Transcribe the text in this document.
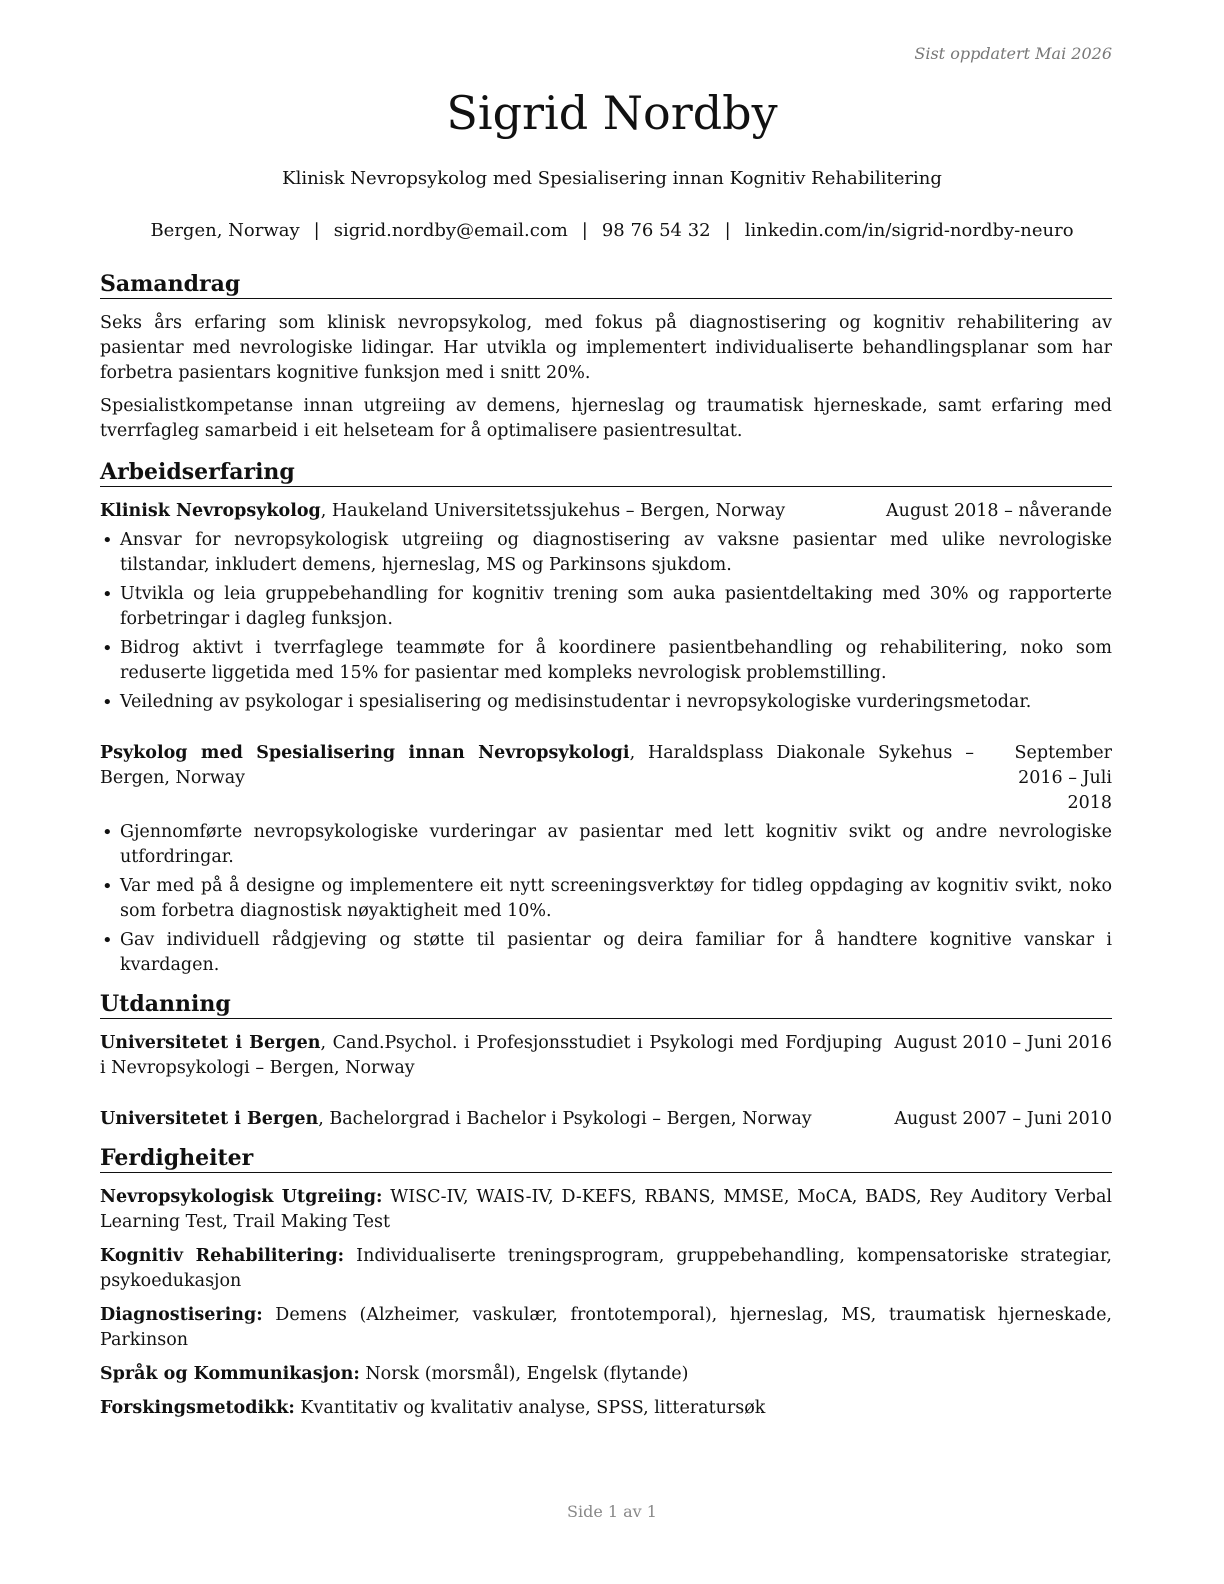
Sist oppdatert Mai 2026
Sigrid Nordby
Klinisk Nevropsykolog med Spesialisering innan Kognitiv Rehabilitering
Bergen, Norway | sigrid.nordby@email.com | 98 76 54 32 | linkedin.com/in/sigrid-nordby-neuro
Samandrag

Seks års erfaring som klinisk nevropsykolog, med fokus på diagnostisering og kognitiv rehabilitering av pasientar med nevrologiske lidingar. Har utvikla og implementert individualiserte behandlingsplanar som har forbetra pasientars kognitive funksjon med i snitt 20%.

Spesialistkompetanse innan utgreiing av demens, hjerneslag og traumatisk hjerneskade, samt erfaring med tverrfagleg samarbeid i eit helseteam for å optimalisere pasientresultat.

Arbeidserfaring
Klinisk Nevropsykolog, Haukeland Universitetssjukehus – Bergen, Norway	August 2018 – nåverande
• Ansvar for nevropsykologisk utgreiing og diagnostisering av vaksne pasientar med ulike nevrologiske tilstandar, inkludert demens, hjerneslag, MS og Parkinsons sjukdom.
• Utvikla og leia gruppebehandling for kognitiv trening som auka pasientdeltaking med 30% og rapporterte forbetringar i dagleg funksjon.
• Bidrog aktivt i tverrfaglege teammøte for å koordinere pasientbehandling og rehabilitering, noko som reduserte liggetida med 15% for pasientar med kompleks nevrologisk problemstilling.
• Veiledning av psykologar i spesialisering og medisinstudentar i nevropsykologiske vurderingsmetodar.
Psykolog med Spesialisering innan Nevropsykologi, Haraldsplass Diakonale Sykehus – Bergen, Norway
September 2016 – Juli 2018
• Gjennomførte nevropsykologiske vurderingar av pasientar med lett kognitiv svikt og andre nevrologiske utfordringar.
• Var med på å designe og implementere eit nytt screeningsverktøy for tidleg oppdaging av kognitiv svikt, noko som forbetra diagnostisk nøyaktigheit med 10%.
• Gav individuell rådgjeving og støtte til pasientar og deira familiar for å handtere kognitive vanskar i kvardagen.
Utdanning
Universitetet i Bergen, Cand.Psychol. i Profesjonsstudiet i Psykologi med Fordjuping i Nevropsykologi – Bergen, Norway
August 2010 – Juni 2016
Universitetet i Bergen, Bachelorgrad i Bachelor i Psykologi – Bergen, Norway	August 2007 – Juni 2010
Ferdigheiter

Nevropsykologisk Utgreiing: WISC-IV, WAIS-IV, D-KEFS, RBANS, MMSE, MoCA, BADS, Rey Auditory Verbal Learning Test, Trail Making Test

Kognitiv Rehabilitering: Individualiserte treningsprogram, gruppebehandling, kompensatoriske strategiar, psykoedukasjon

Diagnostisering: Demens (Alzheimer, vaskulær, frontotemporal), hjerneslag, MS, traumatisk hjerneskade, Parkinson

Språk og Kommunikasjon: Norsk (morsmål), Engelsk (flytande)

Forskingsmetodikk: Kvantitativ og kvalitativ analyse, SPSS, litteratursøk

Side 1 av 1
